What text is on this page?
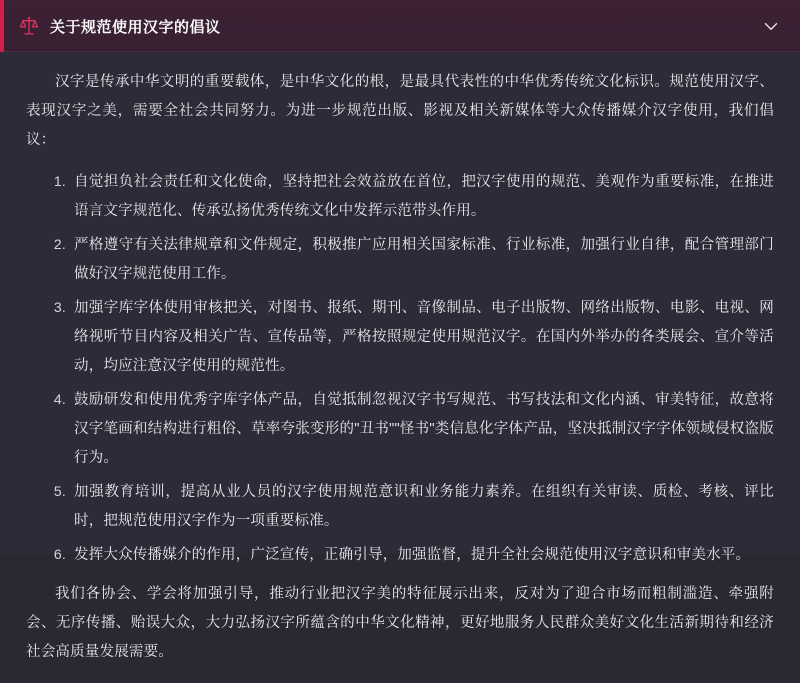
关于规范使用汉字的倡议

汉字是传承中华文明的重要载体，是中华文化的根，是最具代表性的中华优秀传统文化标识。规范使用汉字、表现汉字之美，需要全社会共同努力。为进一步规范出版、影视及相关新媒体等大众传播媒介汉字使用，我们倡议：

1. 自觉担负社会责任和文化使命，坚持把社会效益放在首位，把汉字使用的规范、美观作为重要标准，在推进语言文字规范化、传承弘扬优秀传统文化中发挥示范带头作用。
2. 严格遵守有关法律规章和文件规定，积极推广应用相关国家标准、行业标准，加强行业自律，配合管理部门做好汉字规范使用工作。
3. 加强字库字体使用审核把关，对图书、报纸、期刊、音像制品、电子出版物、网络出版物、电影、电视、网络视听节目内容及相关广告、宣传品等，严格按照规定使用规范汉字。在国内外举办的各类展会、宣介等活动，均应注意汉字使用的规范性。
4. 鼓励研发和使用优秀字库字体产品，自觉抵制忽视汉字书写规范、书写技法和文化内涵、审美特征，故意将汉字笔画和结构进行粗俗、草率夸张变形的"丑书""怪书"类信息化字体产品，坚决抵制汉字字体领域侵权盗版行为。
5. 加强教育培训，提高从业人员的汉字使用规范意识和业务能力素养。在组织有关审读、质检、考核、评比时，把规范使用汉字作为一项重要标准。
6. 发挥大众传播媒介的作用，广泛宣传，正确引导，加强监督，提升全社会规范使用汉字意识和审美水平。

我们各协会、学会将加强引导，推动行业把汉字美的特征展示出来，反对为了迎合市场而粗制滥造、牵强附会、无序传播、贻误大众，大力弘扬汉字所蕴含的中华文化精神，更好地服务人民群众美好文化生活新期待和经济社会高质量发展需要。
